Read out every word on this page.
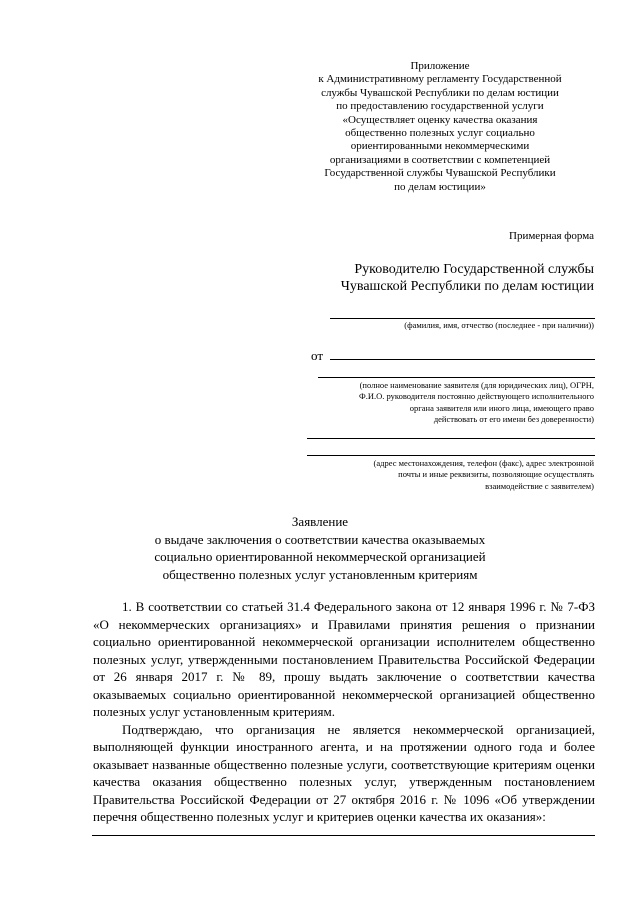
Приложение
к Административному регламенту Государственной
службы Чувашской Республики по делам юстиции
по предоставлению государственной услуги
«Осуществляет оценку качества оказания
общественно полезных услуг социально
ориентированными некоммерческими
организациями в соответствии с компетенцией
Государственной службы Чувашской Республики
по делам юстиции»
Примерная форма
Руководителю Государственной службы
Чувашской Республики по делам юстиции
(фамилия, имя, отчество (последнее - при наличии))
от
(полное наименование заявителя (для юридических лиц), ОГРН,
Ф.И.О. руководителя постоянно действующего исполнительного
органа заявителя или иного лица, имеющего право
действовать от его имени без доверенности)
(адрес местонахождения, телефон (факс), адрес электронной
почты и иные реквизиты, позволяющие осуществлять
взаимодействие с заявителем)
Заявление
о выдаче заключения о соответствии качества оказываемых
социально ориентированной некоммерческой организацией
общественно полезных услуг установленным критериям

1. В соответствии со статьей 31.4 Федерального закона от 12 января 1996 г. № 7-ФЗ «О некоммерческих организациях» и Правилами принятия решения о признании социально ориентированной некоммерческой организации исполнителем общественно полезных услуг, утвержденными постановлением Правительства Российской Федерации от 26 января 2017 г. № 89, прошу выдать заключение о соответствии качества оказываемых социально ориентированной некоммерческой организацией общественно полезных услуг установленным критериям.

Подтверждаю, что организация не является некоммерческой организацией, выполняющей функции иностранного агента, и на протяжении одного года и более оказывает названные общественно полезные услуги, соответствующие критериям оценки качества оказания общественно полезных услуг, утвержденным постановлением Правительства Российской Федерации от 27 октября 2016 г. № 1096 «Об утверждении перечня общественно полезных услуг и критериев оценки качества их оказания»:
